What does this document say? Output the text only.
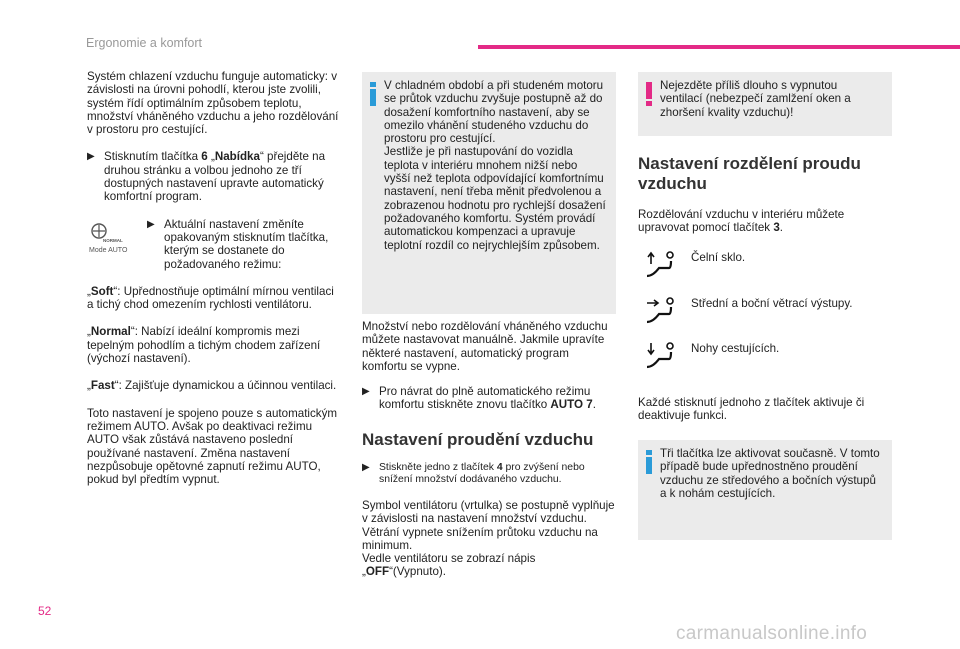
Ergonomie a komfort
52

Systém chlazení vzduchu funguje automaticky: v závislosti na úrovni pohodlí, kterou jste zvolili, systém řídí optimálním způsobem teplotu, množství vháněného vzduchu a jeho rozdělování v prostoru pro cestující.

▶ Stisknutím tlačítka 6 „Nabídka“ přejděte na druhou stránku a volbou jednoho ze tří dostupných nastavení upravte automatický komfortní program.
NORMAL
Mode AUTO
▶ Aktuální nastavení změníte opakovaným stisknutím tlačítka, kterým se dostanete do požadovaného režimu:

„Soft“: Upřednostňuje optimální mírnou ventilaci a tichý chod omezením rychlosti ventilátoru.

„Normal“: Nabízí ideální kompromis mezi tepelným pohodlím a tichým chodem zařízení (výchozí nastavení).

„Fast“: Zajišťuje dynamickou a účinnou ventilaci.

Toto nastavení je spojeno pouze s automatickým režimem AUTO. Avšak po deaktivaci režimu AUTO však zůstává nastaveno poslední používané nastavení. Změna nastavení nezpůsobuje opětovné zapnutí režimu AUTO, pokud byl předtím vypnut.

V chladném období a při studeném motoru se průtok vzduchu zvyšuje postupně až do dosažení komfortního nastavení, aby se omezilo vhánění studeného vzduchu do prostoru pro cestující.
Jestliže je při nastupování do vozidla teplota v interiéru mnohem nižší nebo vyšší než teplota odpovídající komfortnímu nastavení, není třeba měnit předvolenou a zobrazenou hodnotu pro rychlejší dosažení požadovaného komfortu. Systém provádí automatickou kompenzaci a upravuje teplotní rozdíl co nejrychlejším způsobem.

Množství nebo rozdělování vháněného vzduchu můžete nastavovat manuálně. Jakmile upravíte některé nastavení, automatický program komfortu se vypne.

▶ Pro návrat do plně automatického režimu komfortu stiskněte znovu tlačítko AUTO 7.
Nastavení proudění vzduchu
▶ Stiskněte jedno z tlačítek 4 pro zvýšení nebo snížení množství dodávaného vzduchu.

Symbol ventilátoru (vrtulka) se postupně vyplňuje v závislosti na nastavení množství vzduchu.
Větrání vypnete snížením průtoku vzduchu na minimum.
Vedle ventilátoru se zobrazí nápis
„OFF“(Vypnuto).

Nejezděte příliš dlouho s vypnutou ventilací (nebezpečí zamlžení oken a zhoršení kvality vzduchu)!

Nastavení rozdělení proudu vzduchu

Rozdělování vzduchu v interiéru můžete upravovat pomocí tlačítek 3.

Čelní sklo.
Střední a boční větrací výstupy.
Nohy cestujících.

Každé stisknutí jednoho z tlačítek aktivuje či deaktivuje funkci.

Tři tlačítka lze aktivovat současně. V tomto případě bude upřednostněno proudění vzduchu ze středového a bočních výstupů a k nohám cestujících.

carmanualsonline.info
